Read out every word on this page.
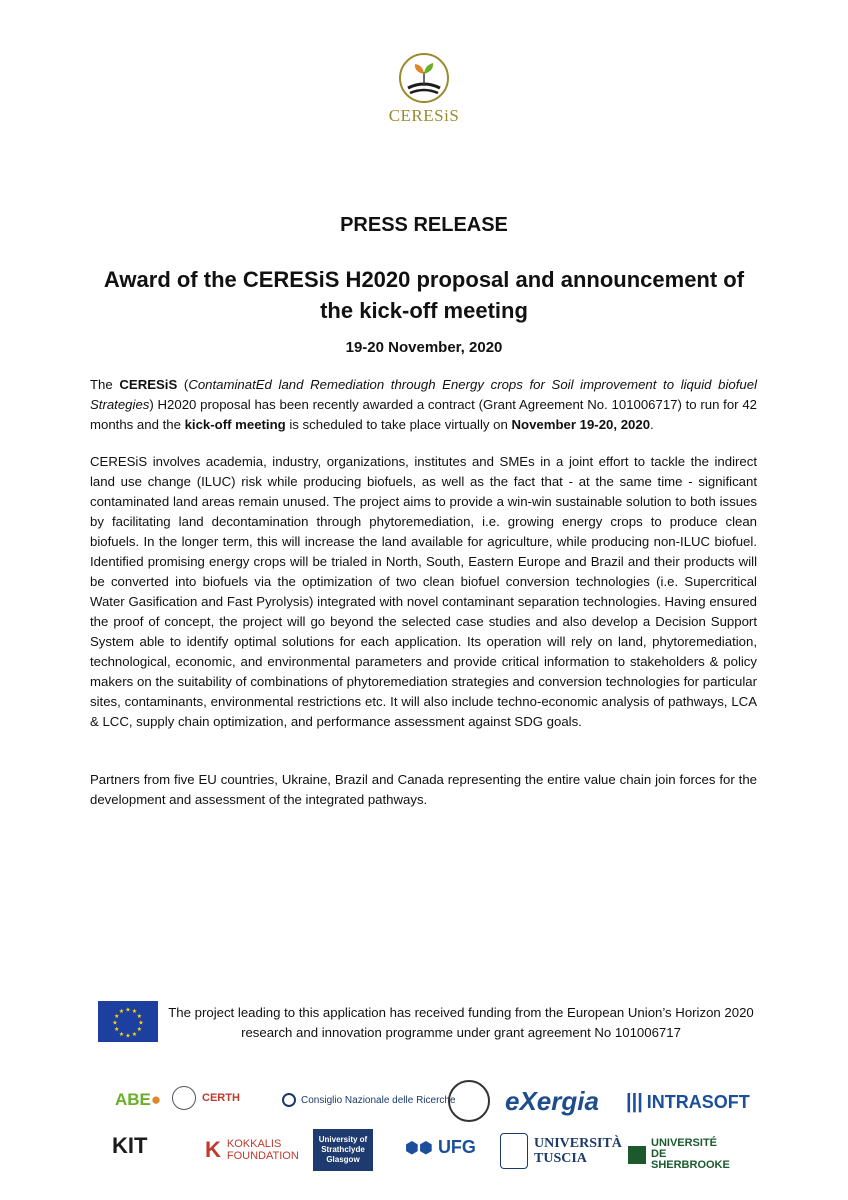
CERESiS
PRESS RELEASE
Award of the CERESiS H2020 proposal and announcement of the kick-off meeting
19-20 November, 2020
The CERESiS (ContaminatEd land Remediation through Energy crops for Soil improvement to liquid biofuel Strategies) H2020 proposal has been recently awarded a contract (Grant Agreement No. 101006717) to run for 42 months and the kick-off meeting is scheduled to take place virtually on November 19-20, 2020.
CERESiS involves academia, industry, organizations, institutes and SMEs in a joint effort to tackle the indirect land use change (ILUC) risk while producing biofuels, as well as the fact that - at the same time - significant contaminated land areas remain unused. The project aims to provide a win-win sustainable solution to both issues by facilitating land decontamination through phytoremediation, i.e. growing energy crops to produce clean biofuels. In the longer term, this will increase the land available for agriculture, while producing non-ILUC biofuel. Identified promising energy crops will be trialed in North, South, Eastern Europe and Brazil and their products will be converted into biofuels via the optimization of two clean biofuel conversion technologies (i.e. Supercritical Water Gasification and Fast Pyrolysis) integrated with novel contaminant separation technologies. Having ensured the proof of concept, the project will go beyond the selected case studies and also develop a Decision Support System able to identify optimal solutions for each application. Its operation will rely on land, phytoremediation, technological, economic, and environmental parameters and provide critical information to stakeholders & policy makers on the suitability of combinations of phytoremediation strategies and conversion technologies for particular sites, contaminants, environmental restrictions etc. It will also include techno-economic analysis of pathways, LCA & LCC, supply chain optimization, and performance assessment against SDG goals.
Partners from five EU countries, Ukraine, Brazil and Canada representing the entire value chain join forces for the development and assessment of the integrated pathways.
★
★
★
★
★
★
★
★
★ ★ ★
★ The project leading to this application has received funding from the European Union’s Horizon 2020 research and innovation programme under grant agreement No 101006717
ABE ●	CERTH	Consiglio Nazionale delle Ricerche eXergia ||| INTRASOFT
KIT	K KOKKALIS FOUNDATION
University of Strathclyde Glasgow
⬢⬢ UFG	UNIVERSITÀ TUSCIA
UNIVERSITÉ DE SHERBROOKE
